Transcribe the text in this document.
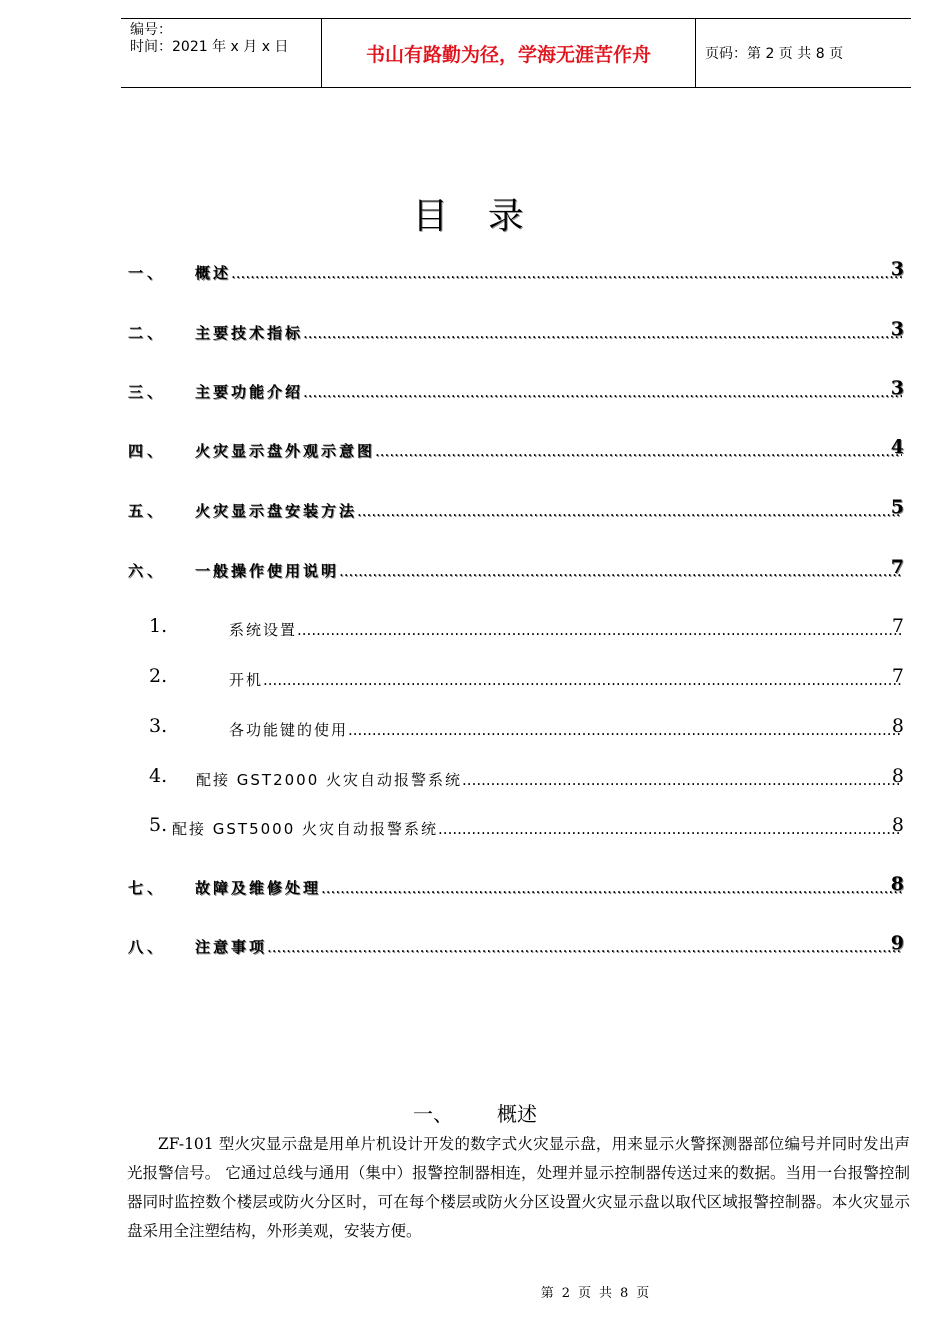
编号：
时间：2021 年 x 月 x 日	书山有路勤为径，学海无涯苦作舟	页码：第 2 页 共 8 页
目 录
一、 概述 .....	3
二、 主要技术指标 .....	3
三、 主要功能介绍 .....	3
四、 火灾显示盘外观示意图 .....	4
五、 火灾显示盘安装方法 .....	5
六、 一般操作使用说明 .....	7
1.	系统设置 .....	7
2.	开机 .....	7
3.	各功能键的使用 .....	8
4. 配接 GST2000 火灾自动报警系统 .....	8
5. 配接 GST5000 火灾自动报警系统 .....	8
七、 故障及维修处理 .....	8
八、 注意事项 .....	9
一、 概述
ZF-101 型火灾显示盘是用单片机设计开发的数字式火灾显示盘，用来显示火警探测器部位编号并同时发出声光报警信号。 它通过总线与通用（集中）报警控制器相连，处理并显示控制器传送过来的数据。当用一台报警控制器同时监控数个楼层或防火分区时，可在每个楼层或防火分区设置火灾显示盘以取代区域报警控制器。本火灾显示盘采用全注塑结构，外形美观，安装方便。
第 2 页 共 8 页
